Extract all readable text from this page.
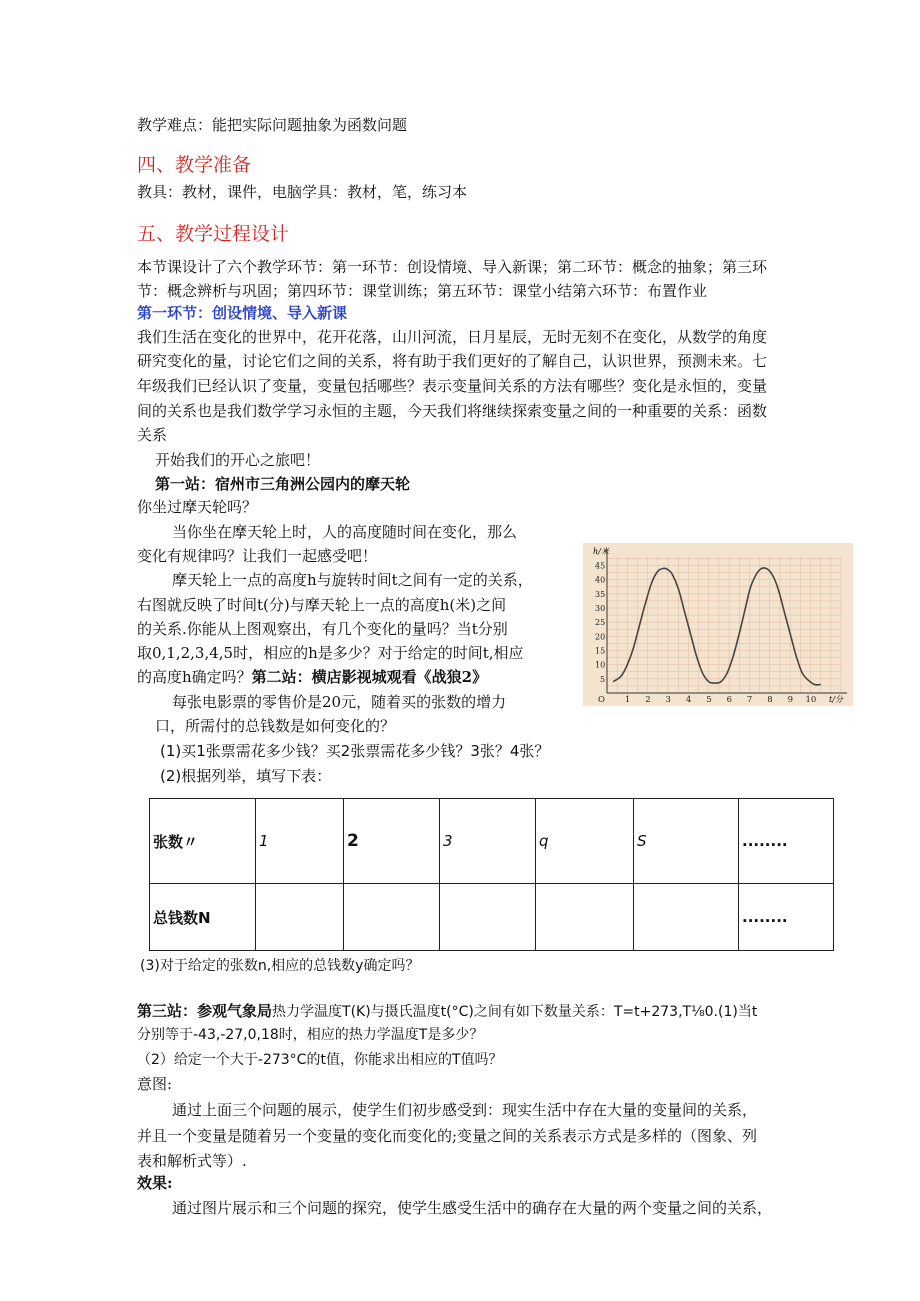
教学难点：能把实际问题抽象为函数问题

四、教学准备

教具：教材，课件，电脑学具：教材，笔，练习本

五、教学过程设计

本节课设计了六个教学环节：第一环节：创设情境、导入新课；第二环节：概念的抽象；第三环

节：概念辨析与巩固；第四环节：课堂训练；第五环节：课堂小结第六环节：布置作业

第一环节：创设情境、导入新课

我们生活在变化的世界中，花开花落，山川河流，日月星辰，无时无刻不在变化，从数学的角度

研究变化的量，讨论它们之间的关系，将有助于我们更好的了解自己，认识世界，预测未来。七

年级我们已经认识了变量，变量包括哪些？表示变量间关系的方法有哪些？变化是永恒的，变量

间的关系也是我们数学学习永恒的主题，今天我们将继续探索变量之间的一种重要的关系：函数

关系

开始我们的开心之旅吧！

第一站：宿州市三角洲公园内的摩天轮

你坐过摩天轮吗？

当你坐在摩天轮上时，人的高度随时间在变化，那么

变化有规律吗？让我们一起感受吧！

摩天轮上一点的高度h与旋转时间t之间有一定的关系，

右图就反映了时间t(分)与摩天轮上一点的高度h(米)之间

的关系.你能从上图观察出，有几个变化的量吗？当t分别

取0,1,2,3,4,5时，相应的h是多少？对于给定的时间t,相应

的高度h确定吗？第二站：横店影视城观看《战狼2》

O 1 2 3 4 5 6 7 8 9 10
5
10
15
20
25
30
35
40
45
h/米
t/分

每张电影票的零售价是20元，随着买的张数的增力

口，所需付的总钱数是如何变化的？

(1)买1张票需花多少钱？买2张票需花多少钱？3张？4张？

(2)根据列举，填写下表：

张数〃	1	2	3	q	S	........
总钱数N						........

(3)对于给定的张数n,相应的总钱数y确定吗？

第三站：参观气象局热力学温度T(K)与摄氏温度t(°C)之间有如下数量关系：T=t+273,T⅛0.(1)当t

分别等于-43,-27,0,18时，相应的热力学温度T是多少？

（2）给定一个大于-273°C的t值，你能求出相应的T值吗？

意图:

通过上面三个问题的展示，使学生们初步感受到：现实生活中存在大量的变量间的关系，

并且一个变量是随着另一个变量的变化而变化的;变量之间的关系表示方式是多样的（图象、列

表和解析式等）.

效果:

通过图片展示和三个问题的探究，使学生感受生活中的确存在大量的两个变量之间的关系，
